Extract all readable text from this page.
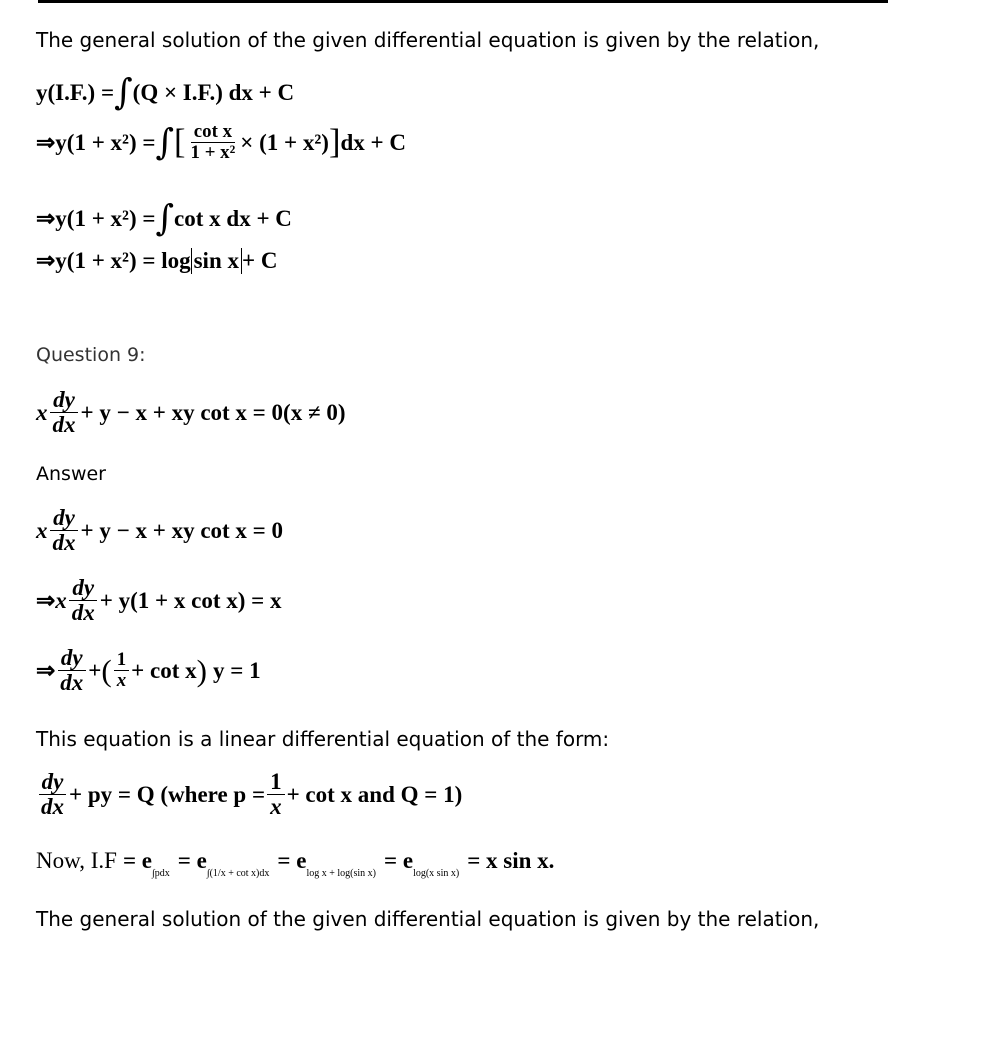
The general solution of the given differential equation is given by the relation,
y(I.F.) = ∫ (Q × I.F.) dx + C
⇒ y(1 + x²) = ∫ [ $\frac{\text{cot x}}{\text{1 + x²}} \times (1 + x^2)$ ] dx + C
⇒ y(1 + x²) = ∫ cot x dx + C
⇒ y(1 + x²) = log sin x + C
Question 9:
x $\frac{dy}{dx} + y - x$ + xy cot x = 0(x ≠ 0)
Answer
x $\frac{dy}{dx} + y - x$ + xy cot x = 0
⇒ x $\frac{dy}{dx} + y(1 + x$ cot x) = x
⇒ $\frac{dy}{dx}$ + ( $\frac{1}{x} + \cot x$ ) y = 1
This equation is a linear differential equation of the form:
$\frac{dy}{dx}$ + py = Q (where $p = \frac{1}{x} + \cot x$ and Q = 1)
Now, I.F = e
∫pdx
= e
∫(1/x + cot x)dx
= e
log x + log(sin x)
= e
log(x sin x)
= x sin x.
The general solution of the given differential equation is given by the relation,
